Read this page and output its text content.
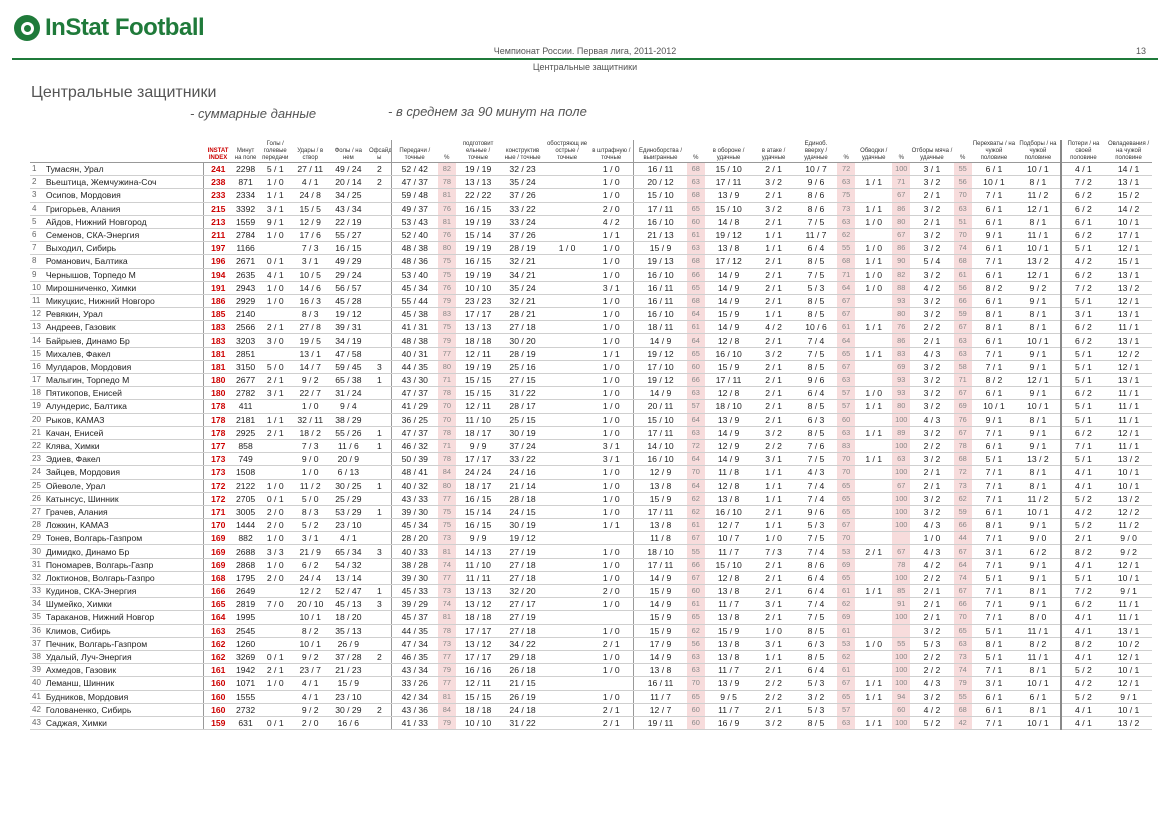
InStat Football
Чемпионат России. Первая лига, 2011-2012	13
Центральные защитники
Центральные защитники
- суммарные данные	- в среднем за 90 минут на поле
		INSTAT INDEX	Минут на поле	Голы / голевые передачи	Удары / в створ	Фолы / на нем	Офсайд ы	Передачи / точные	%	подготовит ельные / точные	конструктив ные / точные	обостряющ ие острые / точные	в штрафную / точные	Единоборства / выигранные	%	в обороне / удачные	в атаке / удачные	Единоб. вверху / удачные	%	Обводки / удачные	%	Отборы мяча / удачные	%	Перехваты / на чужой половине	Подборы / на чужой половине	Потери / на своей половине	Овладевания / на чужой половине
1	Тумасян, Урал	241	2298	5 / 1	27 / 11	49 / 24	2	52 / 42	82	19 / 19	32 / 23		1 / 0	16 / 11	68	15 / 10	2 / 1	10 / 7	72		100	3 / 1	55	6 / 1	10 / 1	4 / 1	14 / 1
2	Вьештица, Жемчужина-Соч	238	871	1 / 0	4 / 1	20 / 14	2	47 / 37	78	13 / 13	35 / 24		1 / 0	20 / 12	63	17 / 11	3 / 2	9 / 6	63	1 / 1	71	3 / 2	56	10 / 1	8 / 1	7 / 2	13 / 1
3	Осипов, Мордовия	233	2334	1 / 1	24 / 8	34 / 25		59 / 48	81	22 / 22	37 / 26		1 / 0	15 / 10	68	13 / 9	2 / 1	8 / 6	75		67	2 / 1	70	7 / 1	11 / 2	6 / 2	15 / 2
4	Григорьев, Алания	215	3392	3 / 1	15 / 5	43 / 34		49 / 37	76	16 / 15	33 / 22		2 / 0	17 / 11	65	15 / 10	3 / 2	8 / 6	73	1 / 1	86	3 / 2	63	6 / 1	12 / 1	6 / 2	14 / 2
5	Айдов, Нижний Новгород	213	1559	9 / 1	12 / 9	22 / 19		53 / 43	81	19 / 19	33 / 24		4 / 2	16 / 10	60	14 / 8	2 / 1	7 / 5	63	1 / 0	80	2 / 1	51	6 / 1	8 / 1	6 / 1	10 / 1
6	Семенов, СКА-Энергия	211	2784	1 / 0	17 / 6	55 / 27		52 / 40	76	15 / 14	37 / 26		1 / 1	21 / 13	61	19 / 12	1 / 1	11 / 7	62		67	3 / 2	70	9 / 1	11 / 1	6 / 2	17 / 1
7	Выходил, Сибирь	197	1166		7 / 3	16 / 15		48 / 38	80	19 / 19	28 / 19	1 / 0	1 / 0	15 / 9	63	13 / 8	1 / 1	6 / 4	55	1 / 0	86	3 / 2	74	6 / 1	10 / 1	5 / 1	12 / 1
8	Романович, Балтика	196	2671	0 / 1	3 / 1	49 / 29		48 / 36	75	16 / 15	32 / 21		1 / 0	19 / 13	68	17 / 12	2 / 1	8 / 5	68	1 / 1	90	5 / 4	68	7 / 1	13 / 2	4 / 2	15 / 1
9	Чернышов, Торпедо М	194	2635	4 / 1	10 / 5	29 / 24		53 / 40	75	19 / 19	34 / 21		1 / 0	16 / 10	66	14 / 9	2 / 1	7 / 5	71	1 / 0	82	3 / 2	61	6 / 1	12 / 1	6 / 2	13 / 1
10	Мирошниченко, Химки	191	2943	1 / 0	14 / 6	56 / 57		45 / 34	76	10 / 10	35 / 24		3 / 1	16 / 11	65	14 / 9	2 / 1	5 / 3	64	1 / 0	88	4 / 2	56	8 / 2	9 / 2	7 / 2	13 / 2
11	Микуцкис, Нижний Новгоро	186	2929	1 / 0	16 / 3	45 / 28		55 / 44	79	23 / 23	32 / 21		1 / 0	16 / 11	68	14 / 9	2 / 1	8 / 5	67		93	3 / 2	66	6 / 1	9 / 1	5 / 1	12 / 1
12	Ревякин, Урал	185	2140		8 / 3	19 / 12		45 / 38	83	17 / 17	28 / 21		1 / 0	16 / 10	64	15 / 9	1 / 1	8 / 5	67		80	3 / 2	59	8 / 1	8 / 1	3 / 1	13 / 1
13	Андреев, Газовик	183	2566	2 / 1	27 / 8	39 / 31		41 / 31	75	13 / 13	27 / 18		1 / 0	18 / 11	61	14 / 9	4 / 2	10 / 6	61	1 / 1	76	2 / 2	67	8 / 1	8 / 1	6 / 2	11 / 1
14	Байрыев, Динамо Бр	183	3203	3 / 0	19 / 5	34 / 19		48 / 38	79	18 / 18	30 / 20		1 / 0	14 / 9	64	12 / 8	2 / 1	7 / 4	64		86	2 / 1	63	6 / 1	10 / 1	6 / 2	13 / 1
15	Михалев, Факел	181	2851		13 / 1	47 / 58		40 / 31	77	12 / 11	28 / 19		1 / 1	19 / 12	65	16 / 10	3 / 2	7 / 5	65	1 / 1	83	4 / 3	63	7 / 1	9 / 1	5 / 1	12 / 2
16	Мулдаров, Мордовия	181	3150	5 / 0	14 / 7	59 / 45	3	44 / 35	80	19 / 19	25 / 16		1 / 0	17 / 10	60	15 / 9	2 / 1	8 / 5	67		69	3 / 2	58	7 / 1	9 / 1	5 / 1	12 / 1
17	Малыгин, Торпедо М	180	2677	2 / 1	9 / 2	65 / 38	1	43 / 30	71	15 / 15	27 / 15		1 / 0	19 / 12	66	17 / 11	2 / 1	9 / 6	63		93	3 / 2	71	8 / 2	12 / 1	5 / 1	13 / 1
18	Пятикопов, Енисей	180	2782	3 / 1	22 / 7	31 / 24		47 / 37	78	15 / 15	31 / 22		1 / 0	14 / 9	63	12 / 8	2 / 1	6 / 4	57	1 / 0	93	3 / 2	67	6 / 1	9 / 1	6 / 2	11 / 1
19	Алундерис, Балтика	178	411		1 / 0	9 / 4		41 / 29	70	12 / 11	28 / 17		1 / 0	20 / 11	57	18 / 10	2 / 1	8 / 5	57	1 / 1	80	3 / 2	69	10 / 1	10 / 1	5 / 1	11 / 1
20	Рыков, КАМАЗ	178	2181	1 / 1	32 / 11	38 / 29		36 / 25	70	11 / 10	25 / 15		1 / 0	15 / 10	64	13 / 9	2 / 1	6 / 3	60		100	4 / 3	76	9 / 1	8 / 1	5 / 1	11 / 1
21	Качан, Енисей	178	2925	2 / 1	18 / 2	55 / 26	1	47 / 37	78	18 / 17	30 / 19		1 / 0	17 / 11	63	14 / 9	3 / 2	8 / 5	63	1 / 1	89	3 / 2	67	7 / 1	9 / 1	6 / 2	12 / 1
22	Клява, Химки	177	858		7 / 3	11 / 6	1	46 / 32	71	9 / 9	37 / 24		3 / 1	14 / 10	72	12 / 9	2 / 2	7 / 6	83		100	2 / 2	78	6 / 1	9 / 1	7 / 1	11 / 1
23	Эдиев, Факел	173	749		9 / 0	20 / 9		50 / 39	78	17 / 17	33 / 22		3 / 1	16 / 10	64	14 / 9	3 / 1	7 / 5	70	1 / 1	63	3 / 2	68	5 / 1	13 / 2	5 / 1	13 / 2
24	Зайцев, Мордовия	173	1508		1 / 0	6 / 13		48 / 41	84	24 / 24	24 / 16		1 / 0	12 / 9	70	11 / 8	1 / 1	4 / 3	70		100	2 / 1	72	7 / 1	8 / 1	4 / 1	10 / 1
25	Ойеволе, Урал	172	2122	1 / 0	11 / 2	30 / 25	1	40 / 32	80	18 / 17	21 / 14		1 / 0	13 / 8	64	12 / 8	1 / 1	7 / 4	65		67	2 / 1	73	7 / 1	8 / 1	4 / 1	10 / 1
26	Катынсус, Шинник	172	2705	0 / 1	5 / 0	25 / 29		43 / 33	77	16 / 15	28 / 18		1 / 0	15 / 9	62	13 / 8	1 / 1	7 / 4	65		100	3 / 2	62	7 / 1	11 / 2	5 / 2	13 / 2
27	Грачев, Алания	171	3005	2 / 0	8 / 3	53 / 29	1	39 / 30	75	15 / 14	24 / 15		1 / 0	17 / 11	62	16 / 10	2 / 1	9 / 6	65		100	3 / 2	59	6 / 1	10 / 1	4 / 2	12 / 2
28	Ложкин, КАМАЗ	170	1444	2 / 0	5 / 2	23 / 10		45 / 34	75	16 / 15	30 / 19		1 / 1	13 / 8	61	12 / 7	1 / 1	5 / 3	67		100	4 / 3	66	8 / 1	9 / 1	5 / 2	11 / 2
29	Тонев, Волгарь-Газпром	169	882	1 / 0	3 / 1	4 / 1		28 / 20	73	9 / 9	19 / 12			11 / 8	67	10 / 7	1 / 0	7 / 5	70			1 / 0	44	7 / 1	9 / 0	2 / 1	9 / 0
30	Димидко, Динамо Бр	169	2688	3 / 3	21 / 9	65 / 34	3	40 / 33	81	14 / 13	27 / 19		1 / 0	18 / 10	55	11 / 7	7 / 3	7 / 4	53	2 / 1	67	4 / 3	67	3 / 1	6 / 2	8 / 2	9 / 2
31	Пономарев, Волгарь-Газпр	169	2868	1 / 0	6 / 2	54 / 32		38 / 28	74	11 / 10	27 / 18		1 / 0	17 / 11	66	15 / 10	2 / 1	8 / 6	69		78	4 / 2	64	7 / 1	9 / 1	4 / 1	12 / 1
32	Локтионов, Волгарь-Газпро	168	1795	2 / 0	24 / 4	13 / 14		39 / 30	77	11 / 11	27 / 18		1 / 0	14 / 9	67	12 / 8	2 / 1	6 / 4	65		100	2 / 2	74	5 / 1	9 / 1	5 / 1	10 / 1
33	Кудинов, СКА-Энергия	166	2649		12 / 2	52 / 47	1	45 / 33	73	13 / 13	32 / 20		2 / 0	15 / 9	60	13 / 8	2 / 1	6 / 4	61	1 / 1	85	2 / 1	67	7 / 1	8 / 1	7 / 2	9 / 1
34	Шумейко, Химки	165	2819	7 / 0	20 / 10	45 / 13	3	39 / 29	74	13 / 12	27 / 17		1 / 0	14 / 9	61	11 / 7	3 / 1	7 / 4	62		91	2 / 1	66	7 / 1	9 / 1	6 / 2	11 / 1
35	Тараканов, Нижний Новгор	164	1995		10 / 1	18 / 20		45 / 37	81	18 / 18	27 / 19			15 / 9	65	13 / 8	2 / 1	7 / 5	69		100	2 / 1	70	7 / 1	8 / 0	4 / 1	11 / 1
36	Климов, Сибирь	163	2545		8 / 2	35 / 13		44 / 35	78	17 / 17	27 / 18		1 / 0	15 / 9	62	15 / 9	1 / 0	8 / 5	61			3 / 2	65	5 / 1	11 / 1	4 / 1	13 / 1
37	Печник, Волгарь-Газпром	162	1260		10 / 1	26 / 9		47 / 34	73	13 / 12	34 / 22		2 / 1	17 / 9	56	13 / 8	3 / 1	6 / 3	53	1 / 0	55	5 / 3	63	8 / 1	8 / 2	8 / 2	10 / 2
38	Удалый, Луч-Энергия	162	3269	0 / 1	9 / 2	37 / 28	2	46 / 35	77	17 / 17	29 / 18		1 / 0	14 / 9	63	13 / 8	1 / 1	8 / 5	62		100	2 / 2	73	5 / 1	11 / 1	4 / 1	12 / 1
39	Ахмедов, Газовик	161	1942	2 / 1	23 / 7	21 / 23		43 / 34	79	16 / 16	26 / 18		1 / 0	13 / 8	63	11 / 7	2 / 1	6 / 4	61		100	2 / 2	74	7 / 1	8 / 1	5 / 2	10 / 1
40	Леманш, Шинник	160	1071	1 / 0	4 / 1	15 / 9		33 / 26	77	12 / 11	21 / 15			16 / 11	70	13 / 9	2 / 2	5 / 3	67	1 / 1	100	4 / 3	79	3 / 1	10 / 1	4 / 2	12 / 1
41	Будников, Мордовия	160	1555		4 / 1	23 / 10		42 / 34	81	15 / 15	26 / 19		1 / 0	11 / 7	65	9 / 5	2 / 2	3 / 2	65	1 / 1	94	3 / 2	55	6 / 1	6 / 1	5 / 2	9 / 1
42	Голованенко, Сибирь	160	2732		9 / 2	30 / 29	2	43 / 36	84	18 / 18	24 / 18		2 / 1	12 / 7	60	11 / 7	2 / 1	5 / 3	57		60	4 / 2	68	6 / 1	8 / 1	4 / 1	10 / 1
43	Саджая, Химки	159	631	0 / 1	2 / 0	16 / 6		41 / 33	79	10 / 10	31 / 22		2 / 1	19 / 11	60	16 / 9	3 / 2	8 / 5	63	1 / 1	100	5 / 2	42	7 / 1	10 / 1	4 / 1	13 / 2
